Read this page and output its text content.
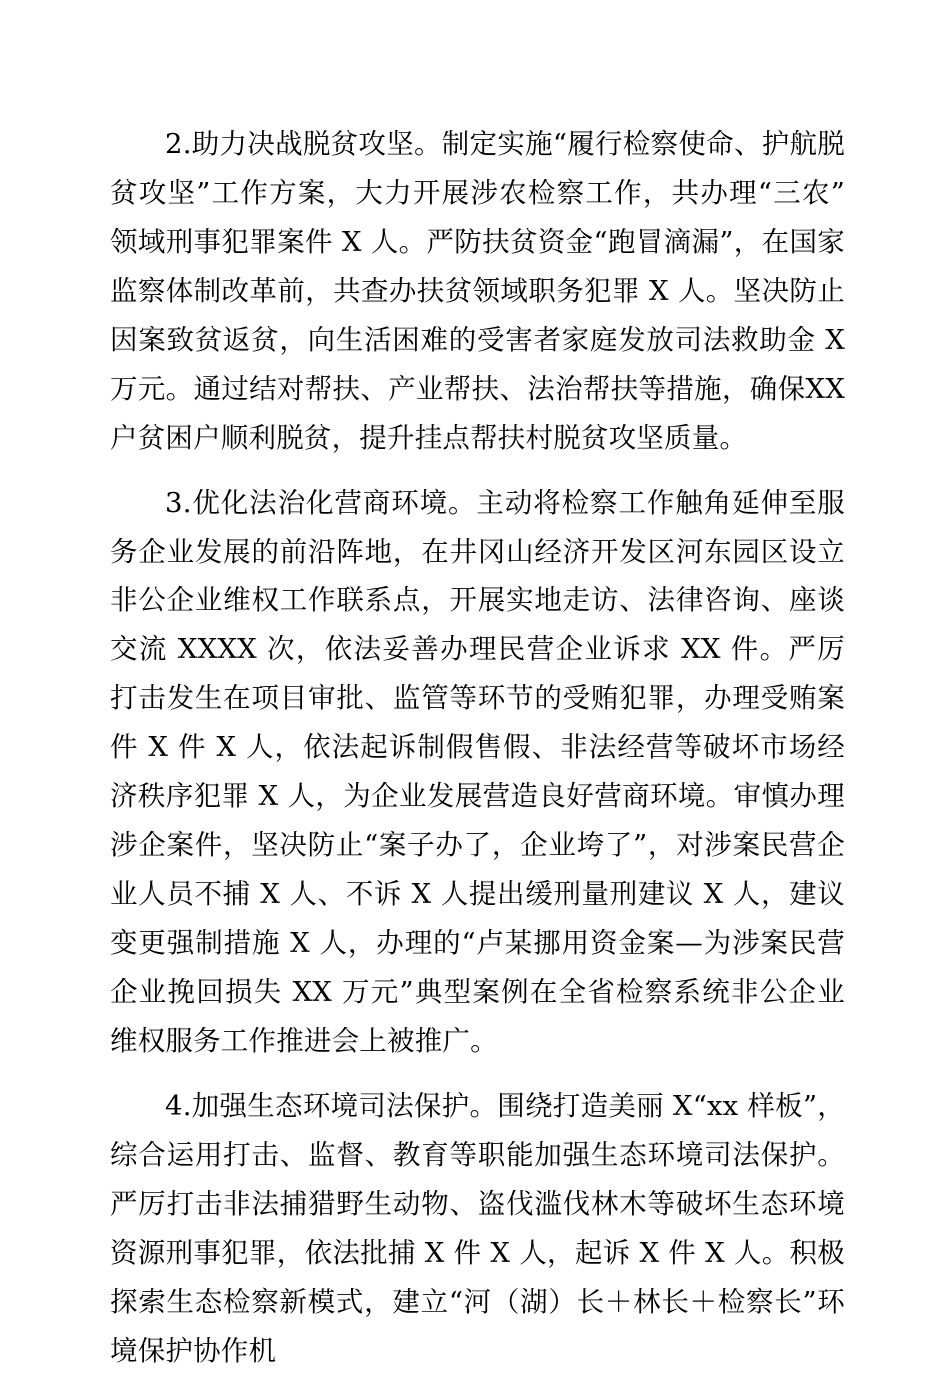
2.助力决战脱贫攻坚。制定实施“履行检察使命、护航脱贫攻坚”工作方案，大力开展涉农检察工作，共办理“三农”领域刑事犯罪案件 X 人。严防扶贫资金“跑冒滴漏”，在国家监察体制改革前，共查办扶贫领域职务犯罪 X 人。坚决防止因案致贫返贫，向生活困难的受害者家庭发放司法救助金 X 万元。通过结对帮扶、产业帮扶、法治帮扶等措施，确保XX户贫困户顺利脱贫，提升挂点帮扶村脱贫攻坚质量。

3.优化法治化营商环境。主动将检察工作触角延伸至服务企业发展的前沿阵地，在井冈山经济开发区河东园区设立非公企业维权工作联系点，开展实地走访、法律咨询、座谈交流 XXXX 次，依法妥善办理民营企业诉求 XX 件。严厉打击发生在项目审批、监管等环节的受贿犯罪，办理受贿案件 X 件 X 人，依法起诉制假售假、非法经营等破坏市场经济秩序犯罪 X 人，为企业发展营造良好营商环境。审慎办理涉企案件，坚决防止“案子办了，企业垮了”，对涉案民营企业人员不捕 X 人、不诉 X 人提出缓刑量刑建议 X 人，建议变更强制措施 X 人，办理的“卢某挪用资金案—为涉案民营企业挽回损失 XX 万元”典型案例在全省检察系统非公企业维权服务工作推进会上被推广。

4.加强生态环境司法保护。围绕打造美丽 X“xx 样板”，综合运用打击、监督、教育等职能加强生态环境司法保护。严厉打击非法捕猎野生动物、盗伐滥伐林木等破坏生态环境资源刑事犯罪，依法批捕 X 件 X 人，起诉 X 件 X 人。积极探索生态检察新模式，建立“河（湖）长＋林长＋检察长”环境保护协作机
